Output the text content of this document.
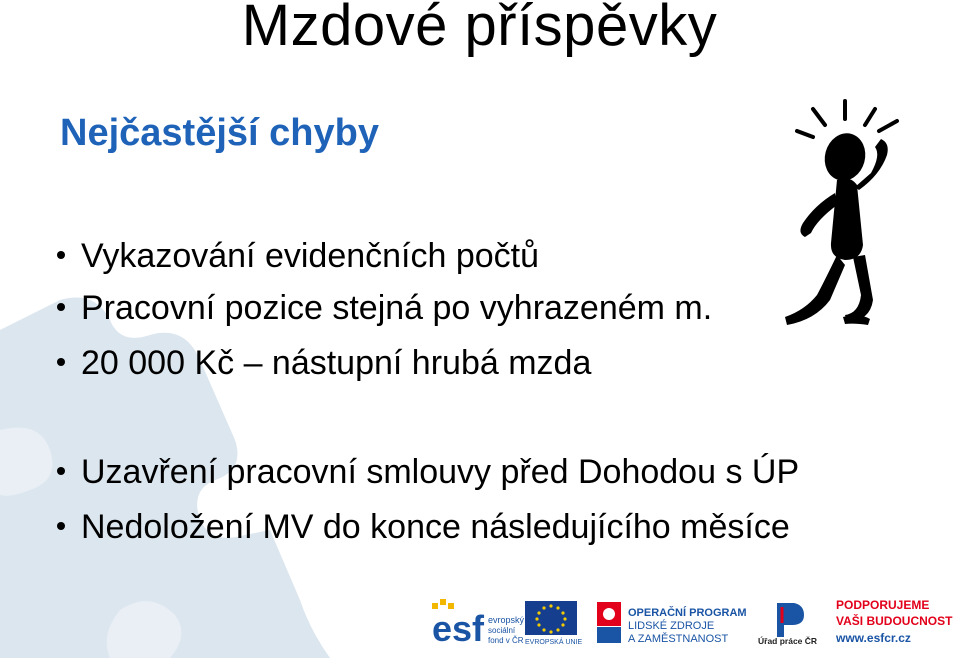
Mzdové příspěvky
Nejčastější chyby
Vykazování evidenčních počtů
Pracovní pozice stejná po vyhrazeném m.
20 000 Kč – nástupní hrubá mzda
Uzavření pracovní smlouvy před Dohodou s ÚP
Nedoložení MV do konce následujícího měsíce
esf evropský
sociální
fond v ČR EVROPSKÁ UNIE
OPERAČNÍ PROGRAM
LIDSKÉ ZDROJE
A ZAMĚSTNANOST	Úřad práce ČR
PODPORUJEME
VAŠI BUDOUCNOST
www.esfcr.cz
